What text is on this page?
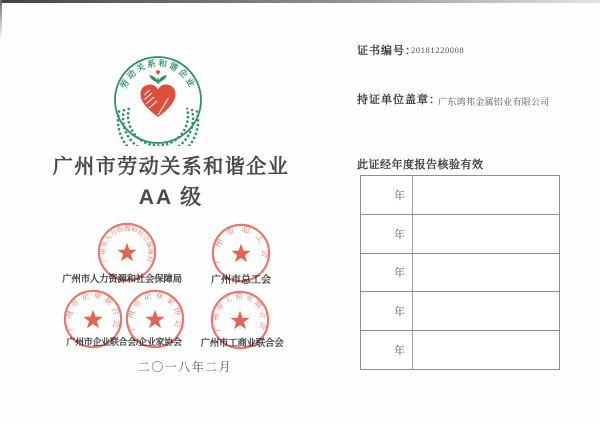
劳动关系和谐企业
广州市劳动关系和谐企业
AA 级
广州市人力资源和社会保障局	广州市总工会
广州市企业联合会/企业家协会	广州市工商业联合会
广州市人力资源和社会保障局	广州市总工会
广州市企业联合会 广州市企业家协会	广州市工商业联合会
二〇一八年二月
证书编号：
20181220008
持证单位盖章：
广东鸿邦金属铝业有限公司
此证经年度报告核验有效
年
年
年
年
年
